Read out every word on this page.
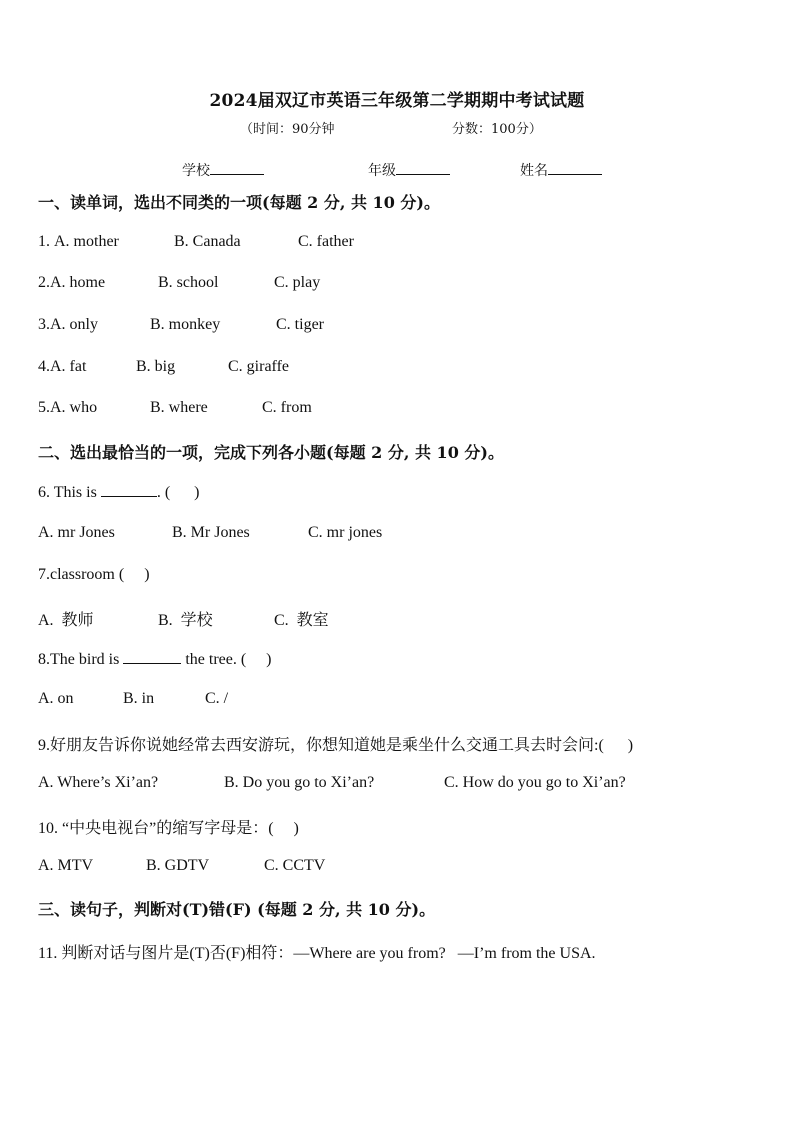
2024届双辽市英语三年级第二学期期中考试试题
（时间：90分钟	分数：100分）
学校	年级	姓名
一、读单词，选出不同类的一项(每题 2 分, 共 10 分)。
1. A. mother	B. Canada	C. father
2.A. home	B. school	C. play
3.A. only	B. monkey	C. tiger
4.A. fat	B. big	C. giraffe
5.A. who	B. where	C. from
二、选出最恰当的一项，完成下列各小题(每题 2 分, 共 10 分)。
6. This is	. (      )
A. mr Jones	B. Mr Jones	C. mr jones
7.classroom (     )
A.  教师	B.  学校	C.  教室
8.The bird is	the tree. (     )
A. on	B. in	C. /
9.好朋友告诉你说她经常去西安游玩，你想知道她是乘坐什么交通工具去时会问:(      )
A. Where’s Xi’an?	B. Do you go to Xi’an?	C. How do you go to Xi’an?
10. “中央电视台”的缩写字母是：(     )
A. MTV	B. GDTV	C. CCTV
三、读句子，判断对(T)错(F) (每题 2 分, 共 10 分)。
11. 判断对话与图片是(T)否(F)相符：—Where are you from?   —I’m from the USA.
